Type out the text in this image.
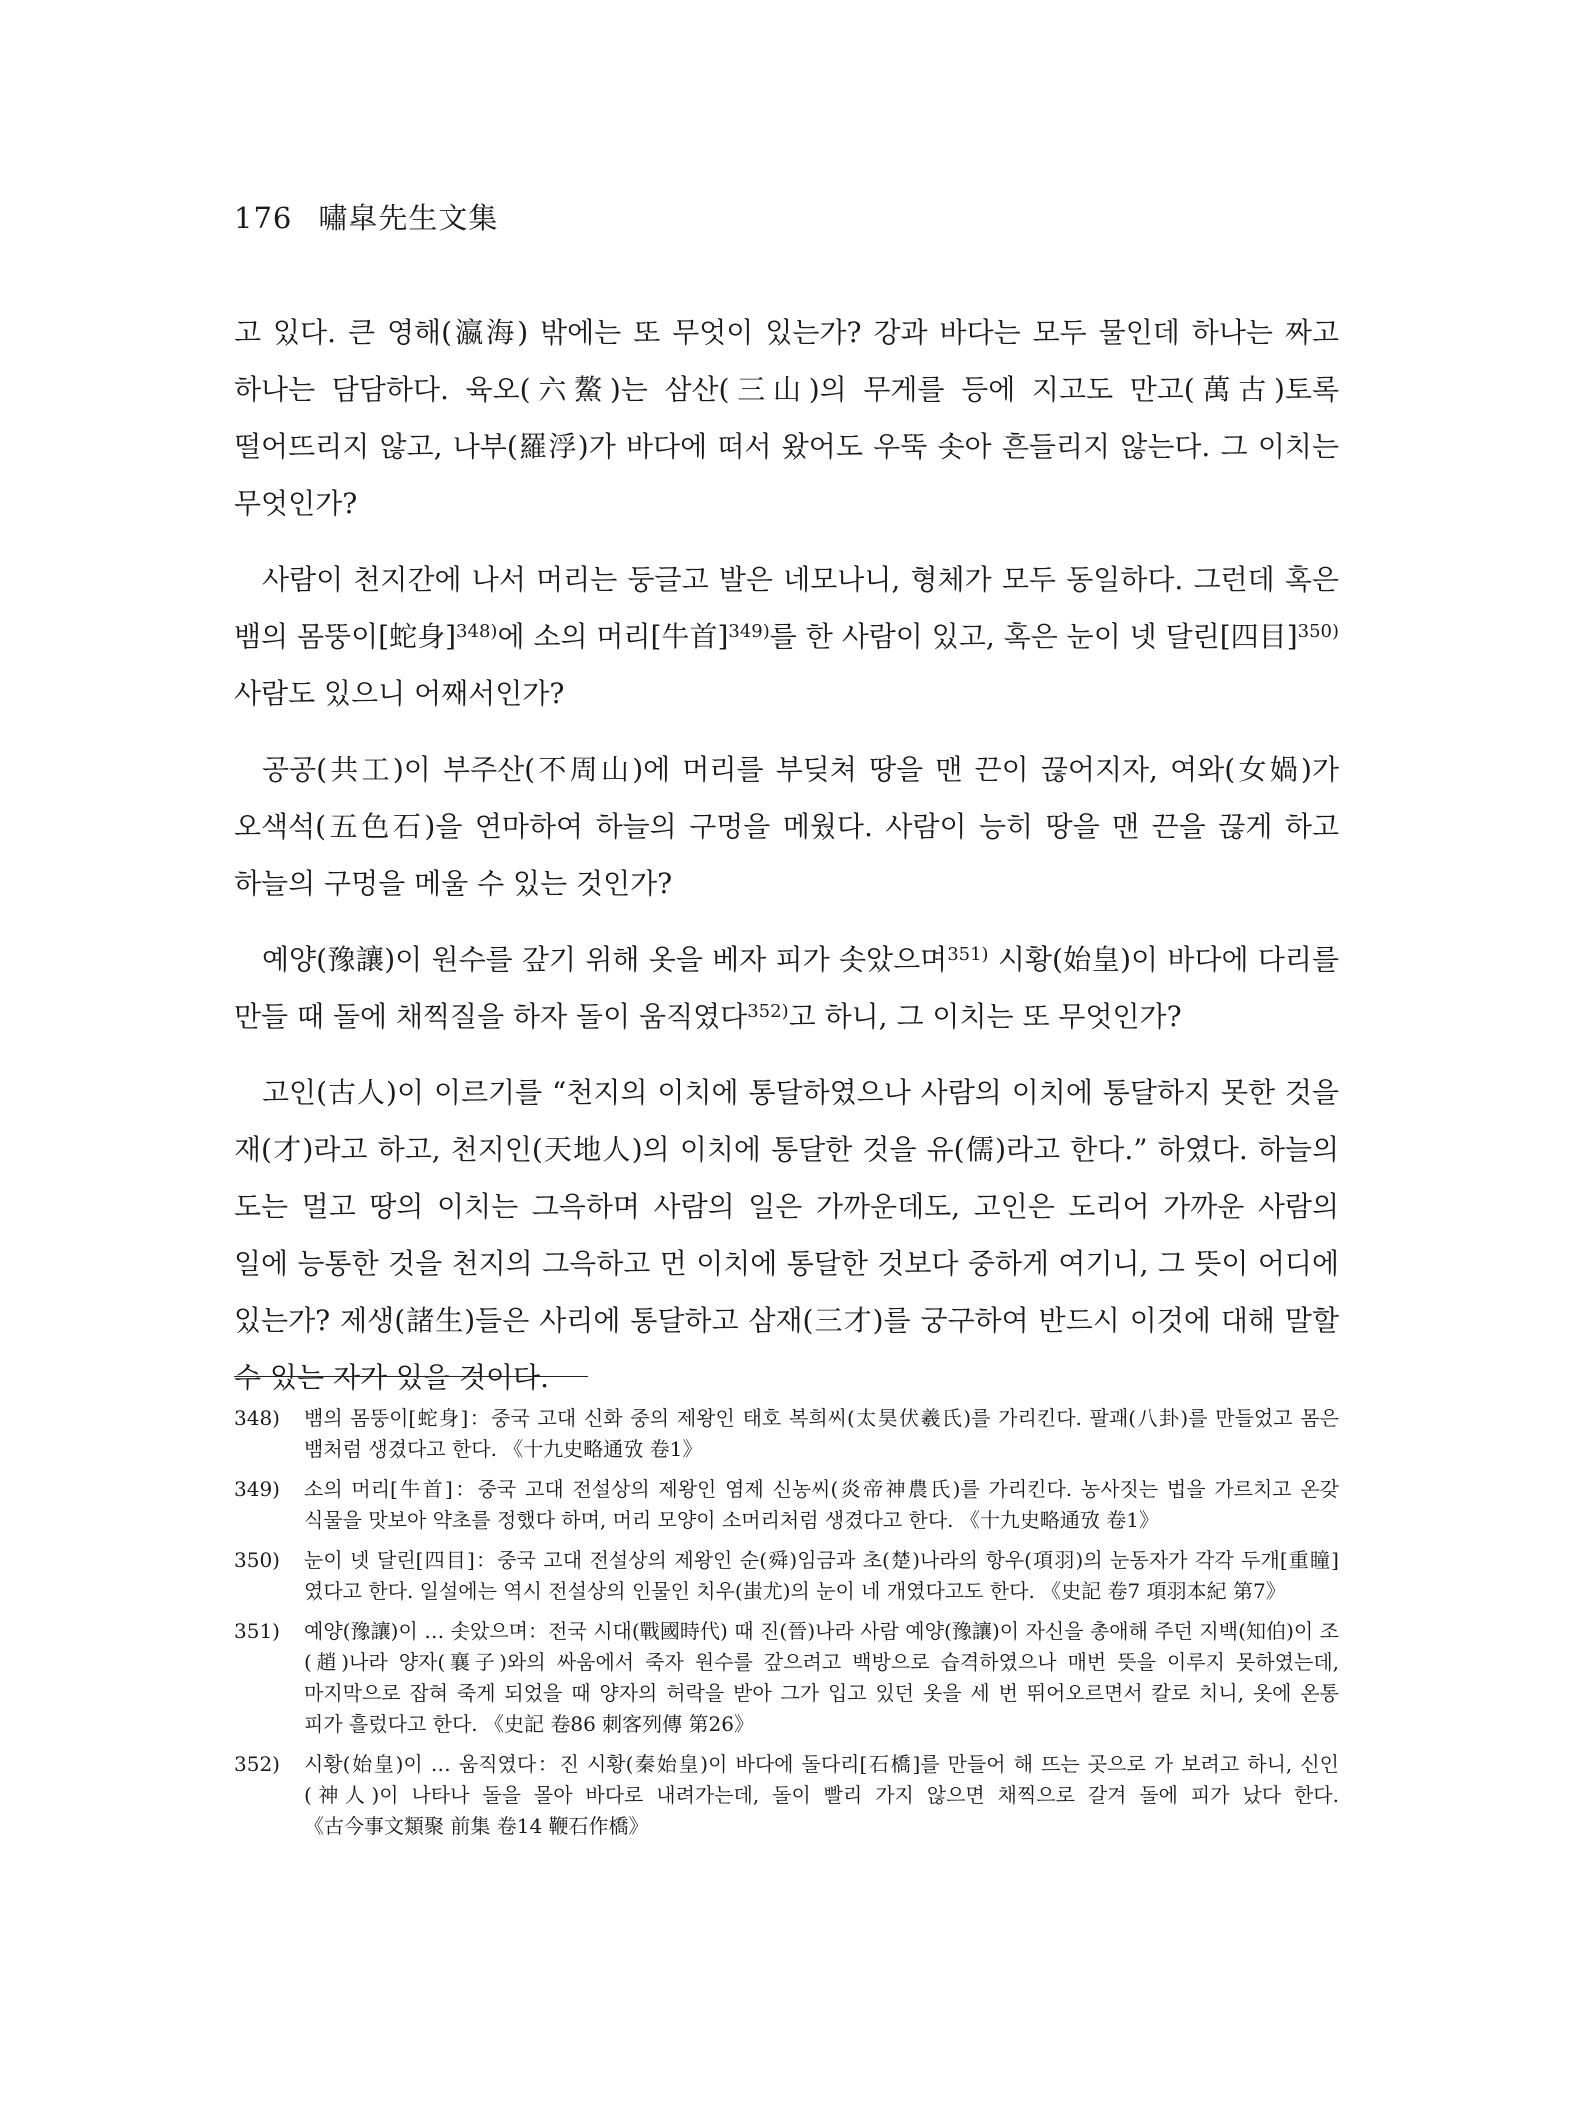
176 嘯皐先生文集

고 있다. 큰 영해(瀛海) 밖에는 또 무엇이 있는가? 강과 바다는 모두 물인데 하나는 짜고 하나는 담담하다. 육오(六鰲)는 삼산(三山)의 무게를 등에 지고도 만고(萬古)토록 떨어뜨리지 않고, 나부(羅浮)가 바다에 떠서 왔어도 우뚝 솟아 흔들리지 않는다. 그 이치는 무엇인가?

사람이 천지간에 나서 머리는 둥글고 발은 네모나니, 형체가 모두 동일하다. 그런데 혹은 뱀의 몸뚱이[蛇身]$^{348)}$에 소의 머리[牛首]$^{349)}$를 한 사람이 있고, 혹은 눈이 넷 달린[四目]$^{350)}$ 사람도 있으니 어째서인가?

공공(共工)이 부주산(不周山)에 머리를 부딪쳐 땅을 맨 끈이 끊어지자, 여와(女媧)가 오색석(五色石)을 연마하여 하늘의 구멍을 메웠다. 사람이 능히 땅을 맨 끈을 끊게 하고 하늘의 구멍을 메울 수 있는 것인가?

예양(豫讓)이 원수를 갚기 위해 옷을 베자 피가 솟았으며$^{351)}$ 시황(始皇)이 바다에 다리를 만들 때 돌에 채찍질을 하자 돌이 움직였다$^{352)}$고 하니, 그 이치는 또 무엇인가?

고인(古人)이 이르기를 “천지의 이치에 통달하였으나 사람의 이치에 통달하지 못한 것을 재(才)라고 하고, 천지인(天地人)의 이치에 통달한 것을 유(儒)라고 한다.” 하였다. 하늘의 도는 멀고 땅의 이치는 그윽하며 사람의 일은 가까운데도, 고인은 도리어 가까운 사람의 일에 능통한 것을 천지의 그윽하고 먼 이치에 통달한 것보다 중하게 여기니, 그 뜻이 어디에 있는가? 제생(諸生)들은 사리에 통달하고 삼재(三才)를 궁구하여 반드시 이것에 대해 말할 수 있는 자가 있을 것이다.

348)	뱀의 몸뚱이[蛇身]：중국 고대 신화 중의 제왕인 태호 복희씨(太昊伏羲氏)를 가리킨다. 팔괘(八卦)를 만들었고 몸은 뱀처럼 생겼다고 한다. 《十九史略通攷 卷1》
349)	소의 머리[牛首]：중국 고대 전설상의 제왕인 염제 신농씨(炎帝神農氏)를 가리킨다. 농사짓는 법을 가르치고 온갖 식물을 맛보아 약초를 정했다 하며, 머리 모양이 소머리처럼 생겼다고 한다. 《十九史略通攷 卷1》
350)	눈이 넷 달린[四目]：중국 고대 전설상의 제왕인 순(舜)임금과 초(楚)나라의 항우(項羽)의 눈동자가 각각 두개[重瞳]였다고 한다. 일설에는 역시 전설상의 인물인 치우(蚩尤)의 눈이 네 개였다고도 한다. 《史記 卷7 項羽本紀 第7》
351)	예양(豫讓)이 … 솟았으며：전국 시대(戰國時代) 때 진(晉)나라 사람 예양(豫讓)이 자신을 총애해 주던 지백(知伯)이 조(趙)나라 양자(襄子)와의 싸움에서 죽자 원수를 갚으려고 백방으로 습격하였으나 매번 뜻을 이루지 못하였는데, 마지막으로 잡혀 죽게 되었을 때 양자의 허락을 받아 그가 입고 있던 옷을 세 번 뛰어오르면서 칼로 치니, 옷에 온통 피가 흘렀다고 한다. 《史記 卷86 刺客列傳 第26》
352)	시황(始皇)이 … 움직였다：진 시황(秦始皇)이 바다에 돌다리[石橋]를 만들어 해 뜨는 곳으로 가 보려고 하니, 신인(神人)이 나타나 돌을 몰아 바다로 내려가는데, 돌이 빨리 가지 않으면 채찍으로 갈겨 돌에 피가 났다 한다. 《古今事文類聚 前集 卷14 鞭石作橋》
